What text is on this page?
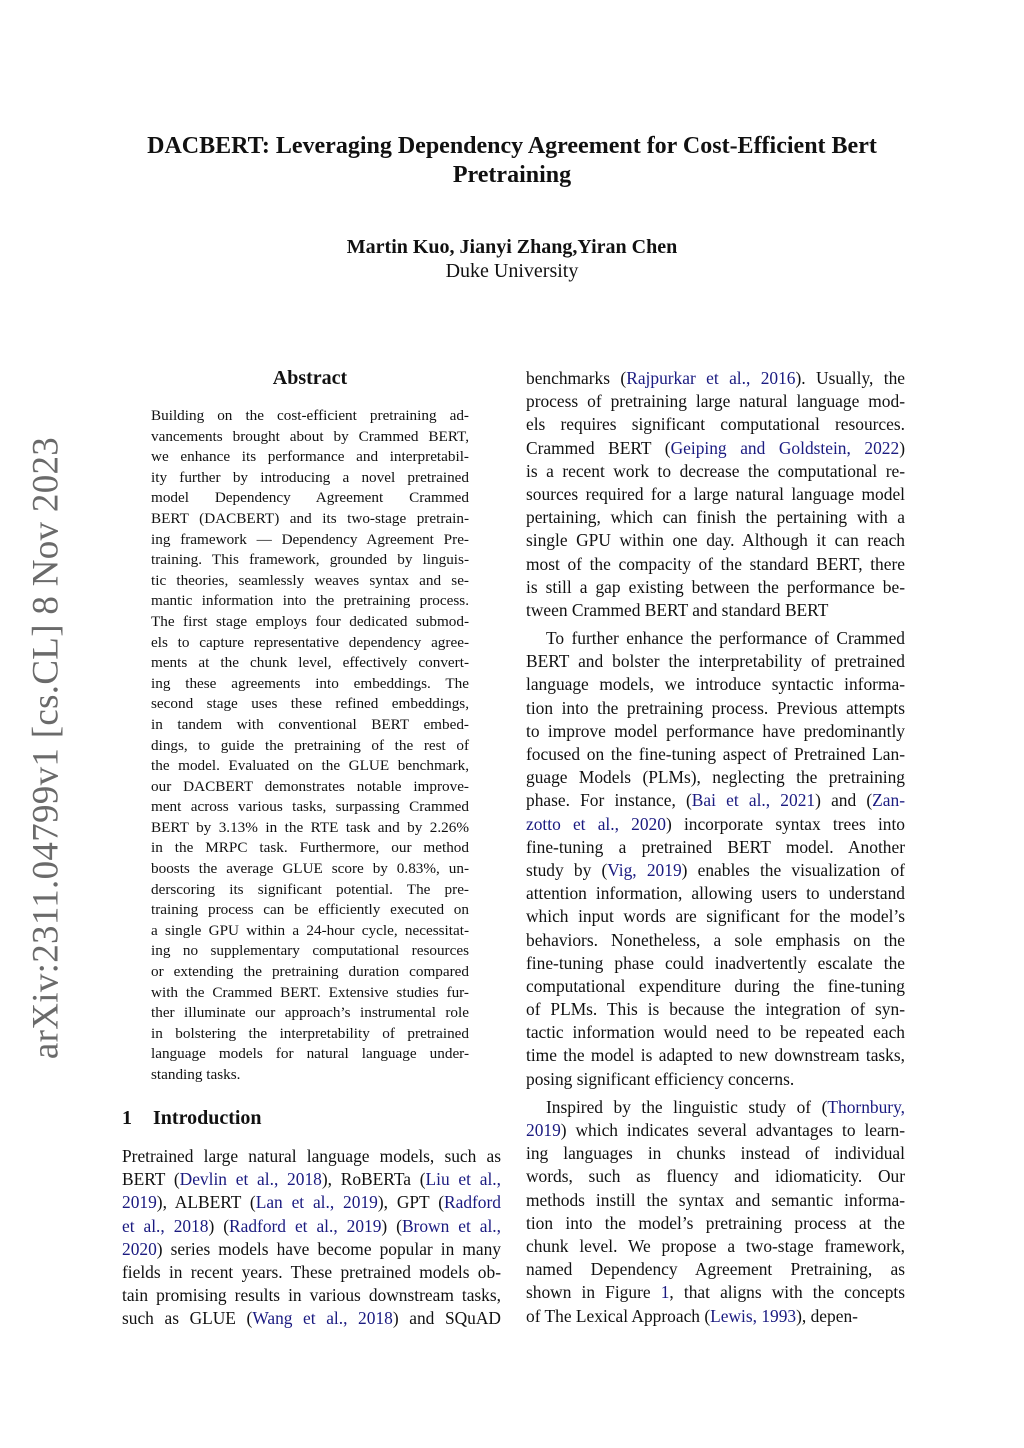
arXiv:2311.04799v1 [cs.CL] 8 Nov 2023
DACBERT: Leveraging Dependency Agreement for Cost-Efficient Bert
Pretraining
Martin Kuo, Jianyi Zhang,Yiran Chen
Duke University
Abstract
Building on the cost-efficient pretraining ad-
vancements brought about by Crammed BERT,
we enhance its performance and interpretabil-
ity further by introducing a novel pretrained
model Dependency Agreement Crammed
BERT (DACBERT) and its two-stage pretrain-
ing framework — Dependency Agreement Pre-
training. This framework, grounded by linguis-
tic theories, seamlessly weaves syntax and se-
mantic information into the pretraining process.
The first stage employs four dedicated submod-
els to capture representative dependency agree-
ments at the chunk level, effectively convert-
ing these agreements into embeddings. The
second stage uses these refined embeddings,
in tandem with conventional BERT embed-
dings, to guide the pretraining of the rest of
the model. Evaluated on the GLUE benchmark,
our DACBERT demonstrates notable improve-
ment across various tasks, surpassing Crammed
BERT by 3.13% in the RTE task and by 2.26%
in the MRPC task. Furthermore, our method
boosts the average GLUE score by 0.83%, un-
derscoring its significant potential. The pre-
training process can be efficiently executed on
a single GPU within a 24-hour cycle, necessitat-
ing no supplementary computational resources
or extending the pretraining duration compared
with the Crammed BERT. Extensive studies fur-
ther illuminate our approach’s instrumental role
in bolstering the interpretability of pretrained
language models for natural language under-
standing tasks.
1 Introduction
Pretrained large natural language models, such as
BERT (Devlin et al., 2018), RoBERTa (Liu et al.,
2019), ALBERT (Lan et al., 2019), GPT (Radford
et al., 2018) (Radford et al., 2019) (Brown et al.,
2020) series models have become popular in many
fields in recent years. These pretrained models ob-
tain promising results in various downstream tasks,
such as GLUE (Wang et al., 2018) and SQuAD
benchmarks (Rajpurkar et al., 2016). Usually, the
process of pretraining large natural language mod-
els requires significant computational resources.
Crammed BERT (Geiping and Goldstein, 2022)
is a recent work to decrease the computational re-
sources required for a large natural language model
pertaining, which can finish the pertaining with a
single GPU within one day. Although it can reach
most of the compacity of the standard BERT, there
is still a gap existing between the performance be-
tween Crammed BERT and standard BERT
To further enhance the performance of Crammed
BERT and bolster the interpretability of pretrained
language models, we introduce syntactic informa-
tion into the pretraining process. Previous attempts
to improve model performance have predominantly
focused on the fine-tuning aspect of Pretrained Lan-
guage Models (PLMs), neglecting the pretraining
phase. For instance, (Bai et al., 2021) and (Zan-
zotto et al., 2020) incorporate syntax trees into
fine-tuning a pretrained BERT model. Another
study by (Vig, 2019) enables the visualization of
attention information, allowing users to understand
which input words are significant for the model’s
behaviors. Nonetheless, a sole emphasis on the
fine-tuning phase could inadvertently escalate the
computational expenditure during the fine-tuning
of PLMs. This is because the integration of syn-
tactic information would need to be repeated each
time the model is adapted to new downstream tasks,
posing significant efficiency concerns.
Inspired by the linguistic study of (Thornbury,
2019) which indicates several advantages to learn-
ing languages in chunks instead of individual
words, such as fluency and idiomaticity. Our
methods instill the syntax and semantic informa-
tion into the model’s pretraining process at the
chunk level. We propose a two-stage framework,
named Dependency Agreement Pretraining, as
shown in Figure 1, that aligns with the concepts
of The Lexical Approach (Lewis, 1993), depen-
